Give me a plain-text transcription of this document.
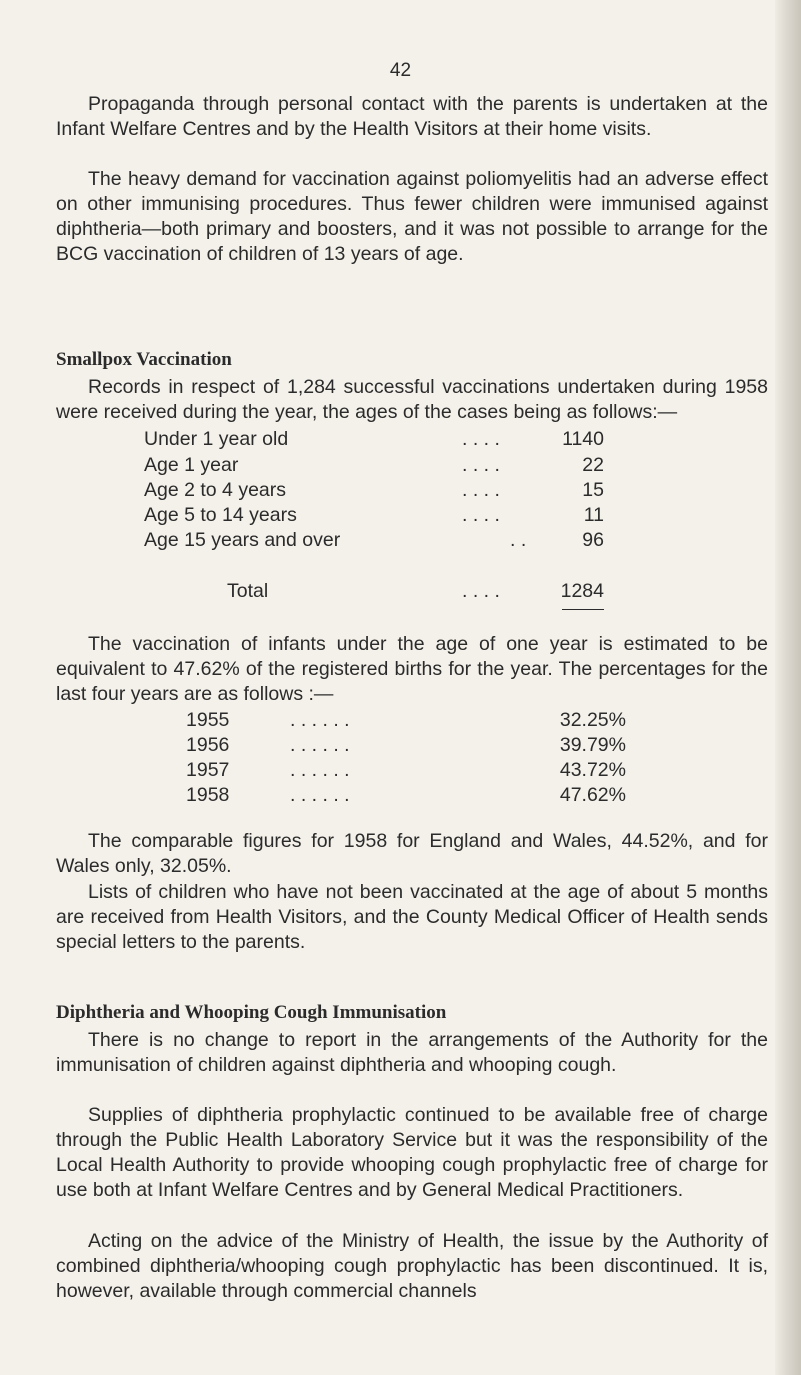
42

Propaganda through personal contact with the parents is undertaken at the Infant Welfare Centres and by the Health Visitors at their home visits.

The heavy demand for vaccination against poliomyelitis had an adverse effect on other immunising procedures. Thus fewer children were immunised against diphtheria—both primary and boosters, and it was not possible to arrange for the BCG vaccination of children of 13 years of age.

Smallpox Vaccination

Records in respect of 1,284 successful vaccinations undertaken during 1958 were received during the year, the ages of the cases being as follows:—

Under 1 year old	. . . .	1140
Age 1 year	. . . .	22
Age 2 to 4 years	. . . .	15
Age 5 to 14 years	. . . .	11
Age 15 years and over	. .	96
Total	. . . .	1284

The vaccination of infants under the age of one year is estimated to be equivalent to 47.62% of the registered births for the year. The percentages for the last four years are as follows :—

1955	. . . . . .	32.25%
1956	. . . . . .	39.79%
1957	. . . . . .	43.72%
1958	. . . . . .	47.62%

The comparable figures for 1958 for England and Wales, 44.52%, and for Wales only, 32.05%.

Lists of children who have not been vaccinated at the age of about 5 months are received from Health Visitors, and the County Medical Officer of Health sends special letters to the parents.

Diphtheria and Whooping Cough Immunisation

There is no change to report in the arrangements of the Authority for the immunisation of children against diphtheria and whooping cough.

Supplies of diphtheria prophylactic continued to be available free of charge through the Public Health Laboratory Service but it was the responsibility of the Local Health Authority to provide whooping cough prophylactic free of charge for use both at Infant Welfare Centres and by General Medical Practitioners.

Acting on the advice of the Ministry of Health, the issue by the Authority of combined diphtheria/whooping cough prophylactic has been discontinued. It is, however, available through commercial channels
